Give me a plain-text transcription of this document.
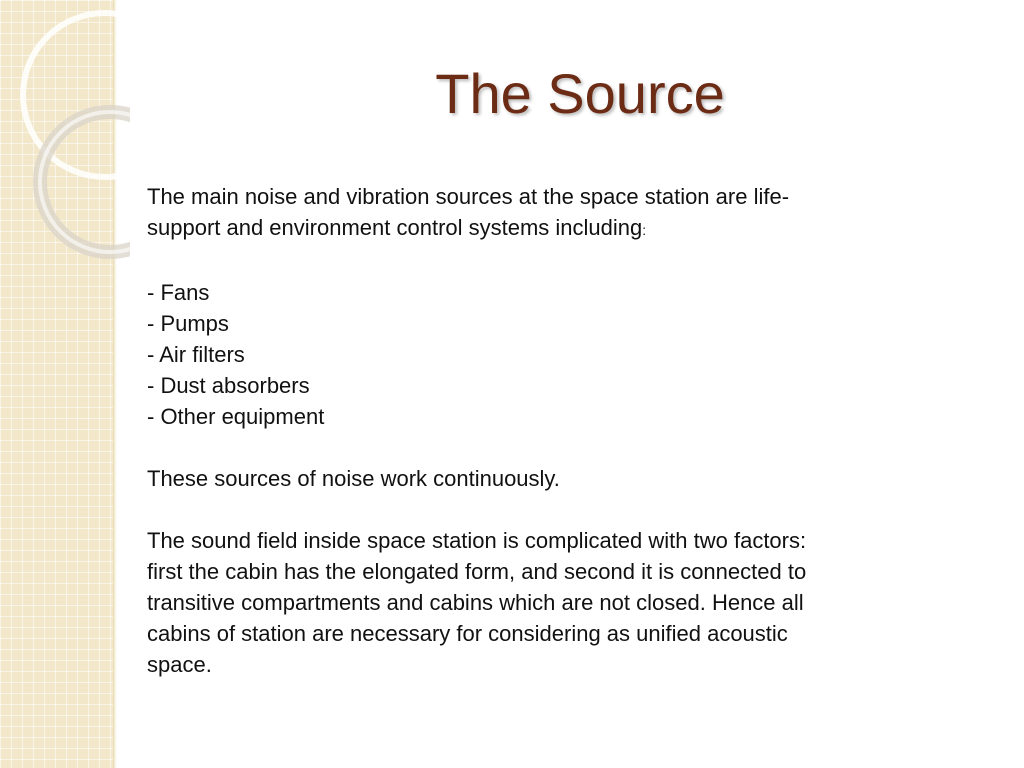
The Source

The main noise and vibration sources at the space station are life-

support and environment control systems including:

- Fans

- Pumps

- Air filters

- Dust absorbers

- Other equipment

These sources of noise work continuously.

The sound field inside space station is complicated with two factors:

first the cabin has the elongated form, and second it is connected to

transitive compartments and cabins which are not closed. Hence all

cabins of station are necessary for considering as unified acoustic

space.
